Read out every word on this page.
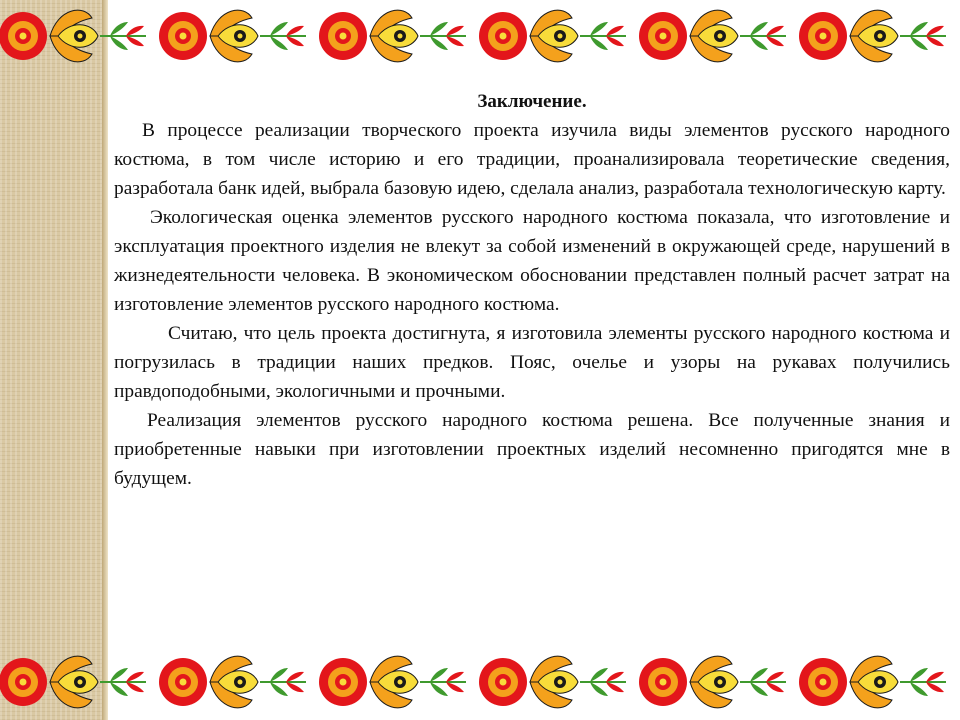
Заключение.

В процессе реализации творческого проекта изучила виды элементов русского народного костюма, в том числе историю и его традиции, проанализировала теоретические сведения, разработала банк идей, выбрала базовую идею, сделала анализ, разработала технологическую карту.

Экологическая оценка элементов русского народного костюма показала, что изготовление и эксплуатация проектного изделия не влекут за собой изменений в окружающей среде, нарушений в жизнедеятельности человека. В экономическом обосновании представлен полный расчет затрат на изготовление элементов русского народного костюма.

Считаю, что цель проекта достигнута, я изготовила элементы русского народного костюма и погрузилась в традиции наших предков. Пояс, очелье и узоры на рукавах получились правдоподобными, экологичными и прочными.

Реализация элементов русского народного костюма решена. Все полученные знания и приобретенные навыки при изготовлении проектных изделий несомненно пригодятся мне в будущем.
